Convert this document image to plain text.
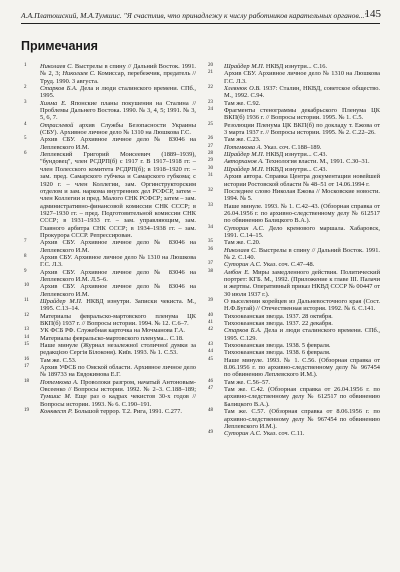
А.А.Платошский, М.А.Тумшис. "Я счастлив, что принадлежу к числу работников карательных органов..."
145
Примечания
1 Николаев С. Выстрелы в спину // Дальний Восток. 1991. № 2, 3; Николаев С. Комиссар, перебежчик, предатель // Труд. 1990. 3 августа.
2 Старков Б.А. Дела и люди сталинского времени. СПб., 1995.
3 Хияма Е. Японские планы покушения на Сталина // Проблемы Дальнего Востока. 1990. № 3, 4, 5; 1991. № 3, 5, 6, 7.
4 Отраслевой архив Службы Безопасности Украины (СБУ). Архивное личное дело № 1310 на Люшкова Г.С.
5 Архив СБУ. Архивное личное дело № 83046 на Леплевского И.М.
6 Леплевский Григорий Моисеевич (1889–1939), "бундовец", член РСДРП(б) с 1917 г. В 1917–1918 гг. – член Полесского комитета РСДРП(б); в 1918–1920 гг. – зам. пред. Самарского губчека и Самарского губкома; с 1920 г. – член Коллегии, зам. Оргинструкторским отделом и зам. наркома внутренних дел РСФСР, затем – член Коллегии и пред. Малого СНК РСФСР; затем – зам. административно-финансовой комиссии СНК СССР; в 1927–1930 гг. – пред. Подготовительной комиссии СНК СССР; в 1931–1933 гг. – зам. управляющим, зам. Главного арбитра СНК СССР; в 1934–1938 гг. – зам. Прокурора СССР. Репрессирован.
7 Архив СБУ. Архивное личное дело № 83046 на Леплевского И.М.
8 Архив СБУ. Архивное личное дело № 1310 на Люшкова Г.С. Л.3.
9 Архив СБУ. Архивное личное дело № 83046 на Леплевского И.М. Л.5–6.
10 Архив СБУ. Архивное личное дело № 83046 на Леплевского И.М.
11 Шрайдер М.П. НКВД изнутри. Записки чекиста. М., 1995. С.13–14.
12 Материалы февральско-мартовского пленума ЦК ВКП(б) 1937 г. // Вопросы истории. 1994. № 12. С.6–7.
13 УК ФСБ РФ. Служебная карточка на Мочманова Г.А.
14 Материалы февральско-мартовского пленума... С.18.
15 Наше минуле (Журнал незалежної столичної думки за редакцією Сергія Білоконя). Київ. 1993. № 1. С.53.
16 Там же. С.53.
17 Архив УФСБ по Омской области. Архивное личное дело № 189733 на Евдокимова Е.Г.
18 Потемкова А. Проволоки разгром, начатый Антоновым-Овсеенко // Вопросы истории. 1992. № 2–3. С.188–189; Тумшис М. Еще раз о кадрах чекистов 30-х годов // Вопросы истории. 1993. № 6. С.190–191.
19 Конквест Р. Большой террор. Т.2. Рига, 1991. С.277.
20 Шрайдер М.П. НКВД изнутри... С.16.
21 Архив СБУ. Архивное личное дело № 1310 на Люшкова Г.С. Л.3.
22 Хлевнюк О.В. 1937: Сталин, НКВД, советское общество. М., 1992. С.94.
23 Там же. С.92.
24 Фрагменты стенограммы декабрьского Пленума ЦК ВКП(б) 1936 г. // Вопросы истории. 1995. № 1. С.5.
25 Резолюции Пленума ЦК ВКП(б) по докладу т. Ежова от 3 марта 1937 г. // Вопросы истории. 1995. № 2. С.22–26.
26 Там же. С.23.
27 Потемкова А. Указ. соч. С.188–189.
28 Шрайдер М.П. НКВД изнутри... С.43.
29 Авторханов А. Технология власти. М., 1991. С.30–31.
30 Шрайдер М.П. НКВД изнутри... С.43.
31 Архив автора. Справка Центра документации новейшей истории Ростовской области № 48–51 от 14.06.1994 г.
32 Последнее слово Николая Ежова // Московские новости. 1994. № 5.
33 Наше минуле. 1993. № 1. С.42–43. (Обзорная справка от 26.04.1956 г. по архивно-следственному делу № 612517 по обвинению Балицкого В.А.).
34 Суторин А.С. Дело кремового маршала. Хабаровск, 1991. С.14–15.
35 Там же. С.20.
36 Николаев С. Выстрелы в спину // Дальний Восток. 1991. № 2. С.140.
37 Суторин А.С. Указ. соч. С.47–48.
38 Амбон Е. Миры замедленного действия. Политический портрет: КГБ. М., 1992. (Приложение к главе III. Палачи и жертвы. Оперативный приказ НКВД СССР № 00447 от 30 июля 1937 г.).
39 О выселении корейцев из Дальневосточного края (Сост. Н.Ф.Бугай) // Отечественная история. 1992. № 6. С.141.
40 Тихоокеанская звезда. 1937. 28 октября.
41 Тихоокеанская звезда. 1937. 22 декабря.
42 Старков Б.А. Дела и люди сталинского времени. СПб., 1995. С.129.
43 Тихоокеанская звезда. 1938. 5 февраля.
44 Тихоокеанская звезда. 1938. 6 февраля.
45 Наше минуле. 1993. № 1. С.56. (Обзорная справка от 8.06.1956 г. по архивно-следственному делу № 967454 по обвинению Леплевского И.М.).
46 Там же. С.56–57.
47 Там же. С.42. (Обзорная справка от 26.04.1956 г. по архивно-следственному делу № 612517 по обвинению Балицкого В.А.).
48 Там же. С.57. (Обзорная справка от 8.06.1956 г. по архивно-следственному делу № 967454 по обвинению Леплевского И.М.).
49 Суторин А.С. Указ. соч. С.11.
